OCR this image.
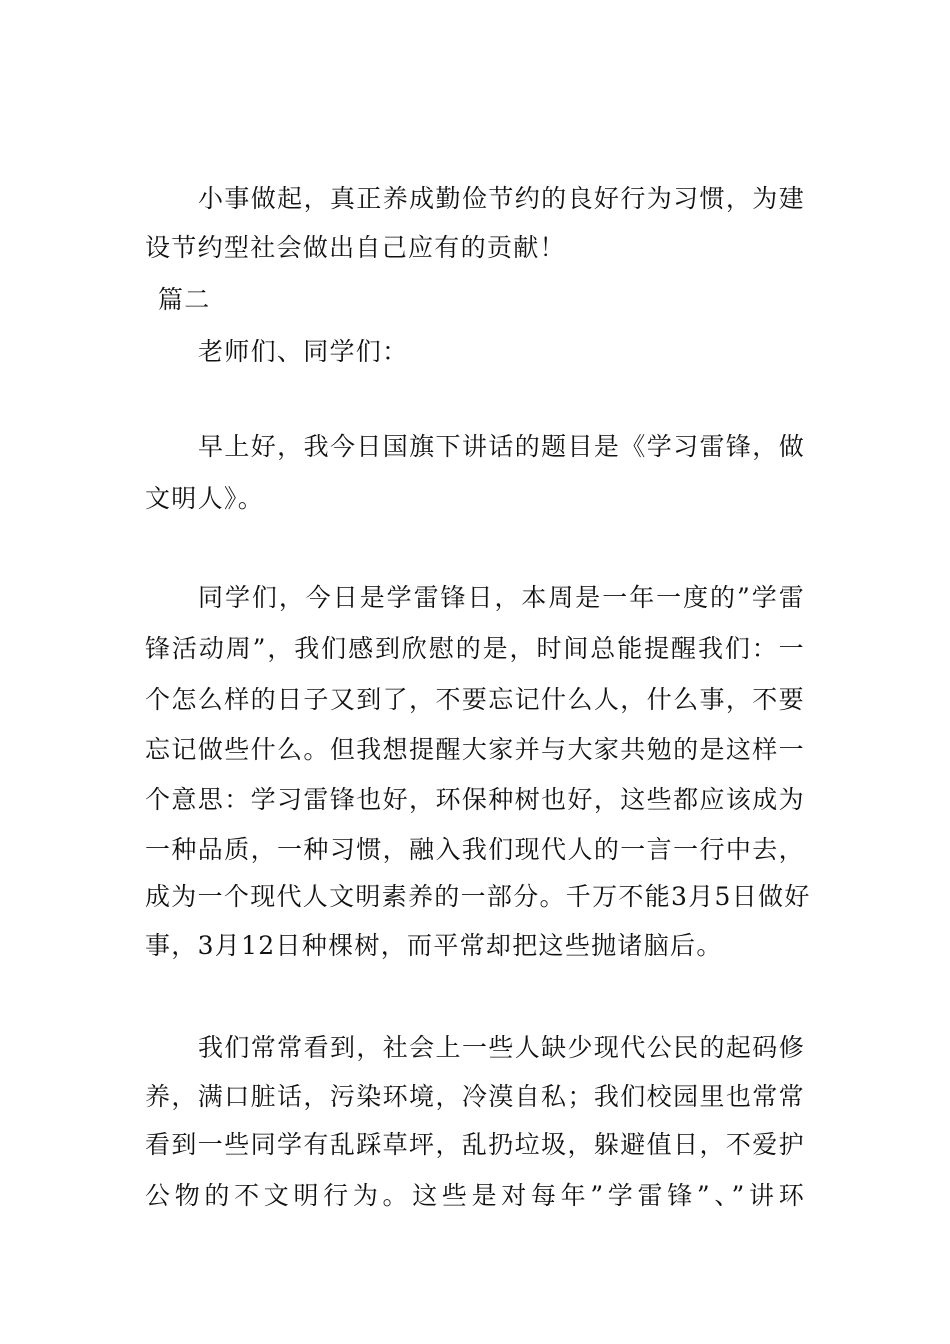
小事做起，真正养成勤俭节约的良好行为习惯，为建
设节约型社会做出自己应有的贡献！
篇二
老师们、同学们：
早上好，我今日国旗下讲话的题目是《学习雷锋，做
文明人》。
同学们，今日是学雷锋日，本周是一年一度的”学雷
锋活动周”，我们感到欣慰的是，时间总能提醒我们：一
个怎么样的日子又到了，不要忘记什么人，什么事，不要
忘记做些什么。但我想提醒大家并与大家共勉的是这样一
个意思：学习雷锋也好，环保种树也好，这些都应该成为
一种品质，一种习惯，融入我们现代人的一言一行中去，
成为一个现代人文明素养的一部分。千万不能3月5日做好
事，3月12日种棵树，而平常却把这些抛诸脑后。
我们常常看到，社会上一些人缺少现代公民的起码修
养，满口脏话，污染环境，冷漠自私；我们校园里也常常
看到一些同学有乱踩草坪，乱扔垃圾，躲避值日，不爱护
公物的不文明行为。这些是对每年”学雷锋”、”讲环
